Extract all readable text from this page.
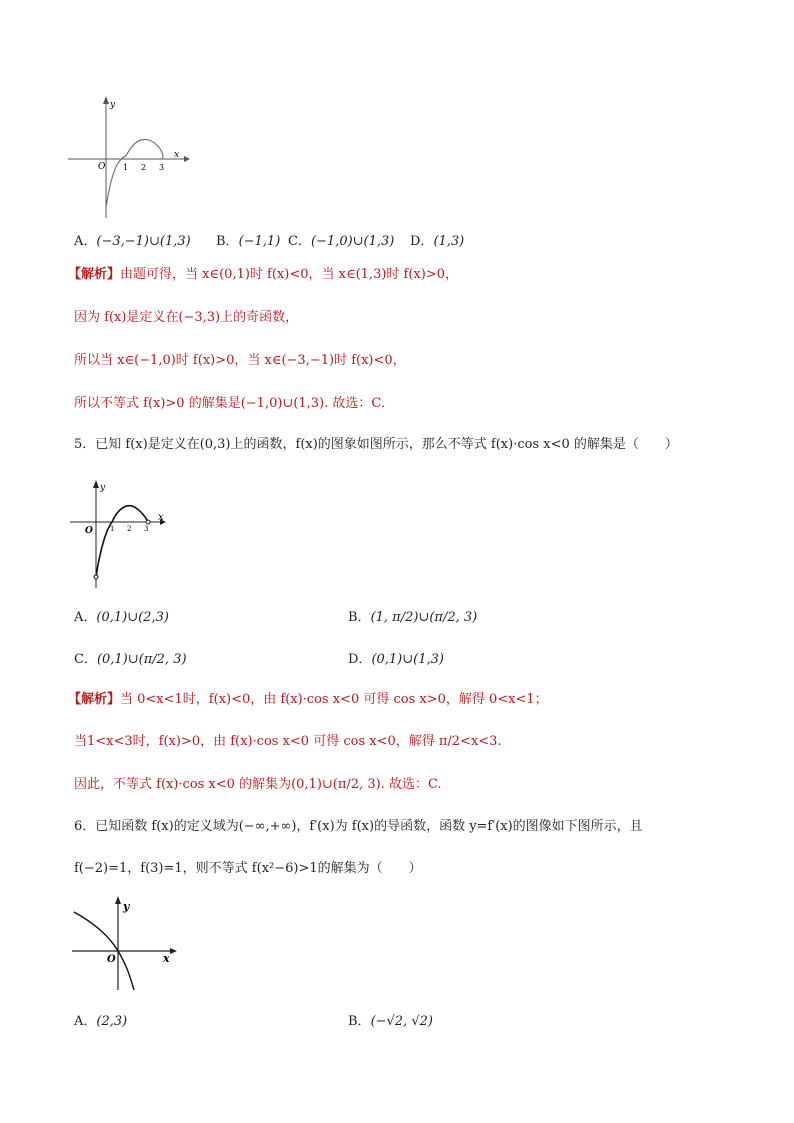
y
x
O 1 2 3
A．(−3,−1)∪(1,3) B．(−1,1) C．(−1,0)∪(1,3) D．(1,3)
【解析】由题可得，当 x∈(0,1)时 f(x)<0，当 x∈(1,3)时 f(x)>0，
因为 f(x)是定义在(−3,3)上的奇函数，
所以当 x∈(−1,0)时 f(x)>0，当 x∈(−3,−1)时 f(x)<0，
所以不等式 f(x)>0 的解集是(−1,0)∪(1,3). 故选：C.
5．已知 f(x)是定义在(0,3)上的函数，f(x)的图象如图所示，那么不等式 f(x)·cos x<0 的解集是（　　）
y
x
O 1 2 3
A．(0,1)∪(2,3)	B．(1, π/2)∪(π/2, 3)
C．(0,1)∪(π/2, 3)	D．(0,1)∪(1,3)
【解析】当 0<x<1时，f(x)<0，由 f(x)·cos x<0 可得 cos x>0，解得 0<x<1；
当1<x<3时，f(x)>0，由 f(x)·cos x<0 可得 cos x<0，解得 π/2<x<3.
因此，不等式 f(x)·cos x<0 的解集为(0,1)∪(π/2, 3). 故选：C.
6．已知函数 f(x)的定义域为(−∞,+∞)，f′(x)为 f(x)的导函数，函数 y=f′(x)的图像如下图所示，且
f(−2)=1，f(3)=1，则不等式 f(x²−6)>1的解集为（　　）
y
x
O
A．(2,3)	B．(−√2, √2)
